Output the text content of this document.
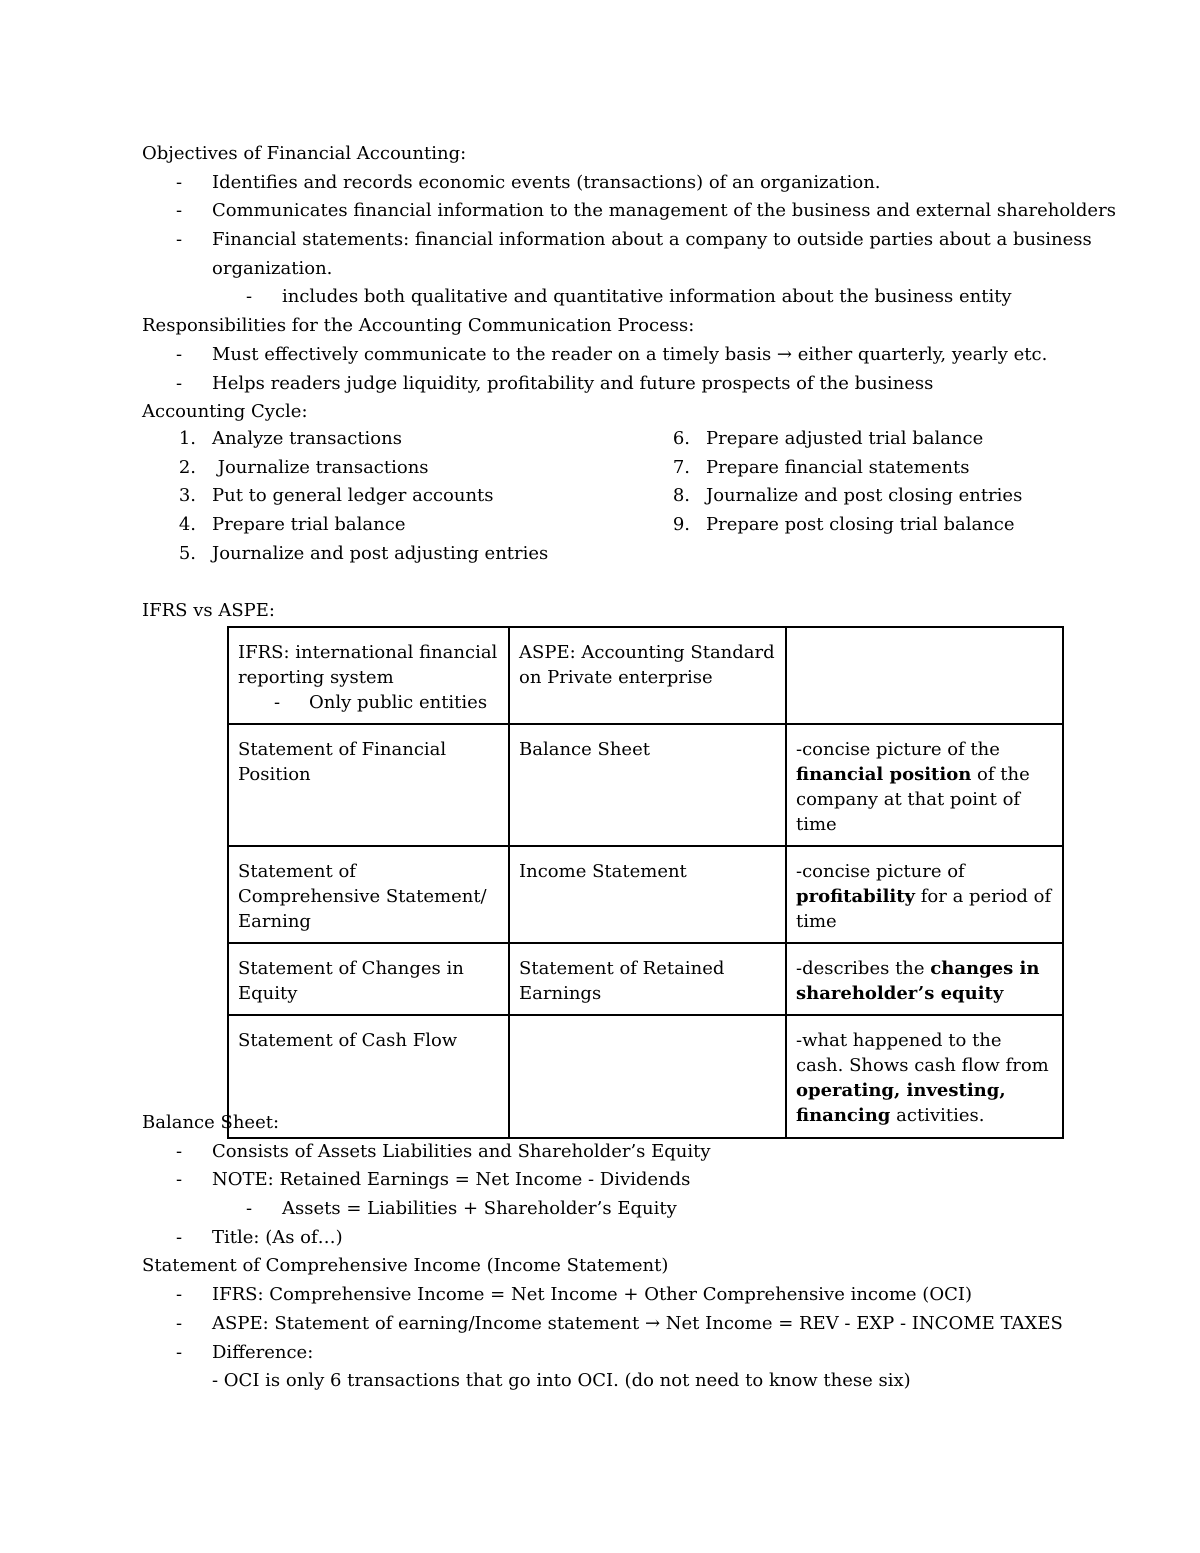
Objectives of Financial Accounting:
- Identifies and records economic events (transactions) of an organization.
- Communicates financial information to the management of the business and external shareholders
- Financial statements: financial information about a company to outside parties about a business
organization.
- includes both qualitative and quantitative information about the business entity
Responsibilities for the Accounting Communication Process:
- Must effectively communicate to the reader on a timely basis → either quarterly, yearly etc.
- Helps readers judge liquidity, profitability and future prospects of the business
Accounting Cycle:
1. Analyze transactions
2. Journalize transactions
3. Put to general ledger accounts
4. Prepare trial balance
5. Journalize and post adjusting entries
6. Prepare adjusted trial balance
7. Prepare financial statements
8. Journalize and post closing entries
9. Prepare post closing trial balance
IFRS vs ASPE:
IFRS: international financial reporting system
- Only public entities	ASPE: Accounting Standard on Private enterprise	
Statement of Financial Position	Balance Sheet	-concise picture of the financial position of the company at that point of time
Statement of Comprehensive Statement/ Earning	Income Statement	-concise picture of profitability for a period of time
Statement of Changes in Equity	Statement of Retained Earnings	-describes the changes in shareholder’s equity
Statement of Cash Flow		-what happened to the cash. Shows cash flow from operating, investing, financing activities.
Balance Sheet:
- Consists of Assets Liabilities and Shareholder’s Equity
- NOTE: Retained Earnings = Net Income - Dividends
- Assets = Liabilities + Shareholder’s Equity
- Title: (As of…)
Statement of Comprehensive Income (Income Statement)
- IFRS: Comprehensive Income = Net Income + Other Comprehensive income (OCI)
- ASPE: Statement of earning/Income statement → Net Income = REV - EXP - INCOME TAXES
- Difference:
- OCI is only 6 transactions that go into OCI. (do not need to know these six)
